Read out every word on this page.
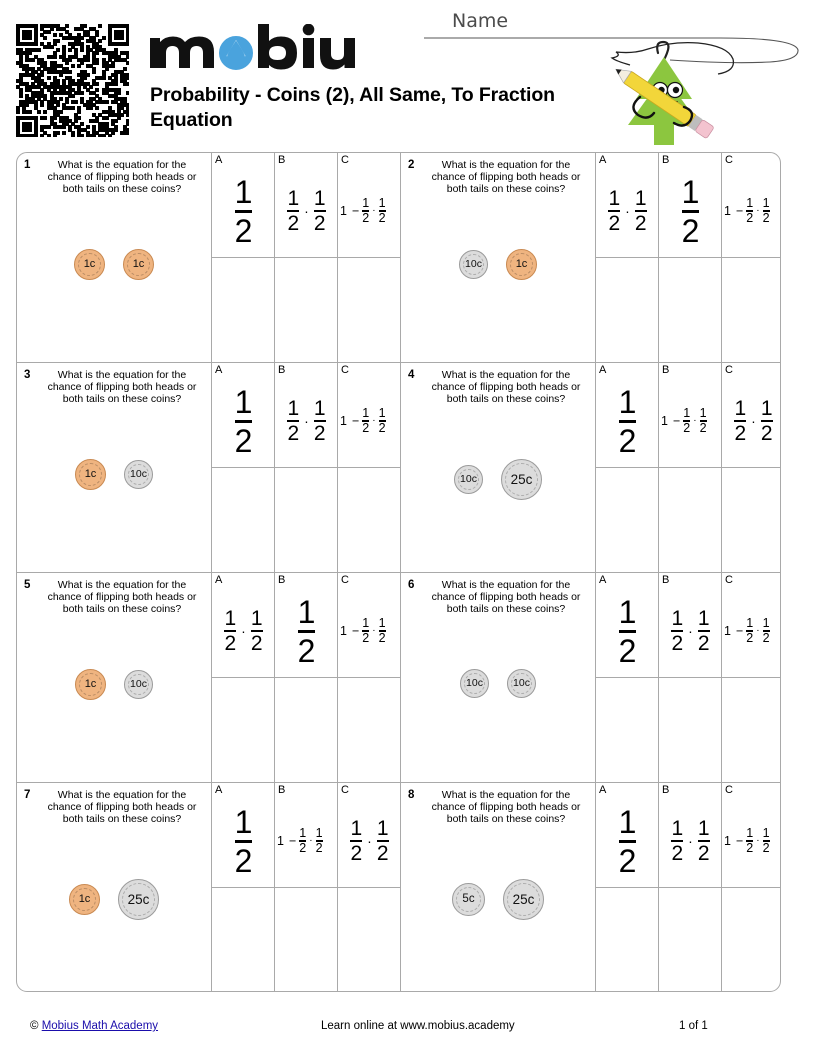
Probability - Coins (2), All Same, To Fraction Equation
Name
1	What is the equation for the chance of flipping both heads or both tails on these coins?
1c	1c
A
$\frac{1}{2}$
B
$\frac{1}{2} \cdot \frac{1}{2}$
C
$1 - \frac{1}{2} \cdot \frac{1}{2}$
2	What is the equation for the chance of flipping both heads or both tails on these coins?
10c	1c
A
$\frac{1}{2} \cdot \frac{1}{2}$
B
$\frac{1}{2}$
C
$1 - \frac{1}{2} \cdot \frac{1}{2}$
3	What is the equation for the chance of flipping both heads or both tails on these coins?
1c	10c
A
$\frac{1}{2}$
B
$\frac{1}{2} \cdot \frac{1}{2}$
C
$1 - \frac{1}{2} \cdot \frac{1}{2}$
4	What is the equation for the chance of flipping both heads or both tails on these coins?
10c	25c
A
$\frac{1}{2}$
B
$1 - \frac{1}{2} \cdot \frac{1}{2}$
C
$\frac{1}{2} \cdot \frac{1}{2}$
5	What is the equation for the chance of flipping both heads or both tails on these coins?
1c	10c
A
$\frac{1}{2} \cdot \frac{1}{2}$
B
$\frac{1}{2}$
C
$1 - \frac{1}{2} \cdot \frac{1}{2}$
6	What is the equation for the chance of flipping both heads or both tails on these coins?
10c	10c
A
$\frac{1}{2}$
B
$\frac{1}{2} \cdot \frac{1}{2}$
C
$1 - \frac{1}{2} \cdot \frac{1}{2}$
7	What is the equation for the chance of flipping both heads or both tails on these coins?
1c	25c
A
$\frac{1}{2}$
B
$1 - \frac{1}{2} \cdot \frac{1}{2}$
C
$\frac{1}{2} \cdot \frac{1}{2}$
8	What is the equation for the chance of flipping both heads or both tails on these coins?
5c	25c
A
$\frac{1}{2}$
B
$\frac{1}{2} \cdot \frac{1}{2}$
C
$1 - \frac{1}{2} \cdot \frac{1}{2}$
© Mobius Math Academy	Learn online at www.mobius.academy	1 of 1
